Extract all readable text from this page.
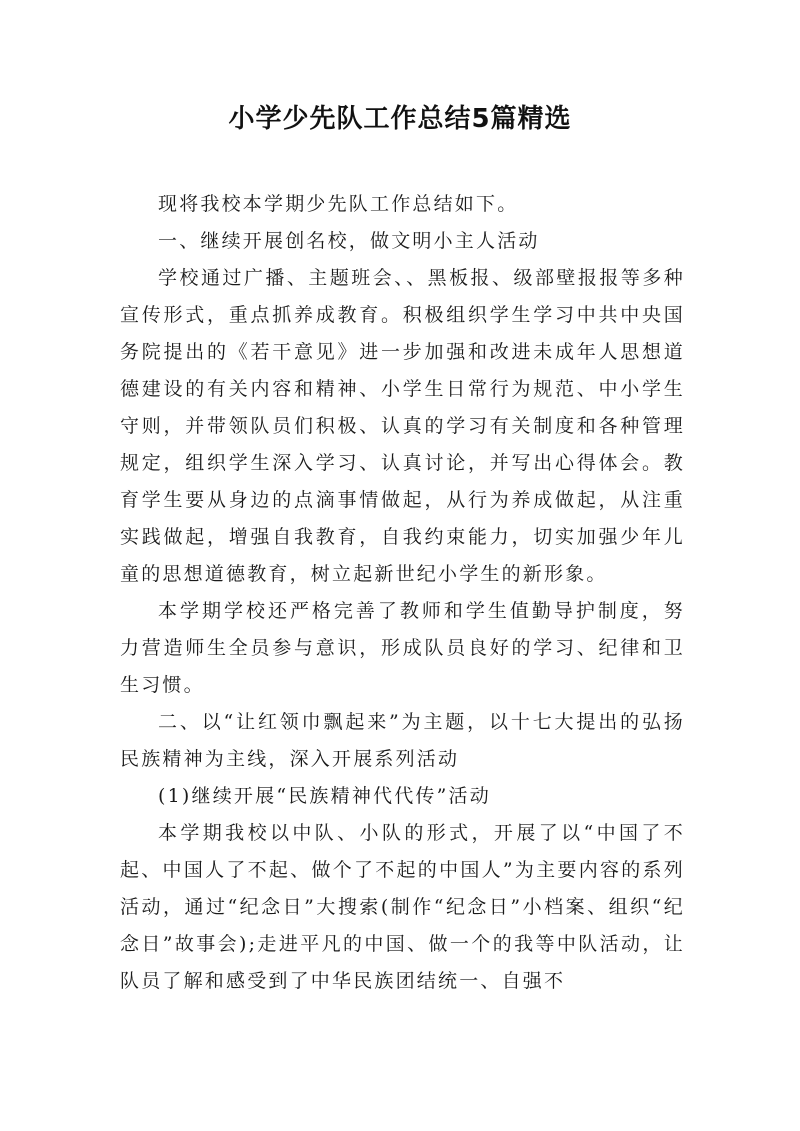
小学少先队工作总结5篇精选

现将我校本学期少先队工作总结如下。

一、继续开展创名校，做文明小主人活动

学校通过广播、主题班会、、黑板报、级部壁报报等多种宣传形式，重点抓养成教育。积极组织学生学习中共中央国务院提出的《若干意见》进一步加强和改进未成年人思想道德建设的有关内容和精神、小学生日常行为规范、中小学生守则，并带领队员们积极、认真的学习有关制度和各种管理规定，组织学生深入学习、认真讨论，并写出心得体会。教育学生要从身边的点滴事情做起，从行为养成做起，从注重实践做起，增强自我教育，自我约束能力，切实加强少年儿童的思想道德教育，树立起新世纪小学生的新形象。

本学期学校还严格完善了教师和学生值勤导护制度，努力营造师生全员参与意识，形成队员良好的学习、纪律和卫生习惯。

二、以“让红领巾飘起来”为主题，以十七大提出的弘扬民族精神为主线，深入开展系列活动

(1)继续开展“民族精神代代传”活动

本学期我校以中队、小队的形式，开展了以“中国了不起、中国人了不起、做个了不起的中国人”为主要内容的系列活动，通过“纪念日”大搜索(制作“纪念日”小档案、组织“纪念日”故事会);走进平凡的中国、做一个的我等中队活动，让队员了解和感受到了中华民族团结统一、自强不
